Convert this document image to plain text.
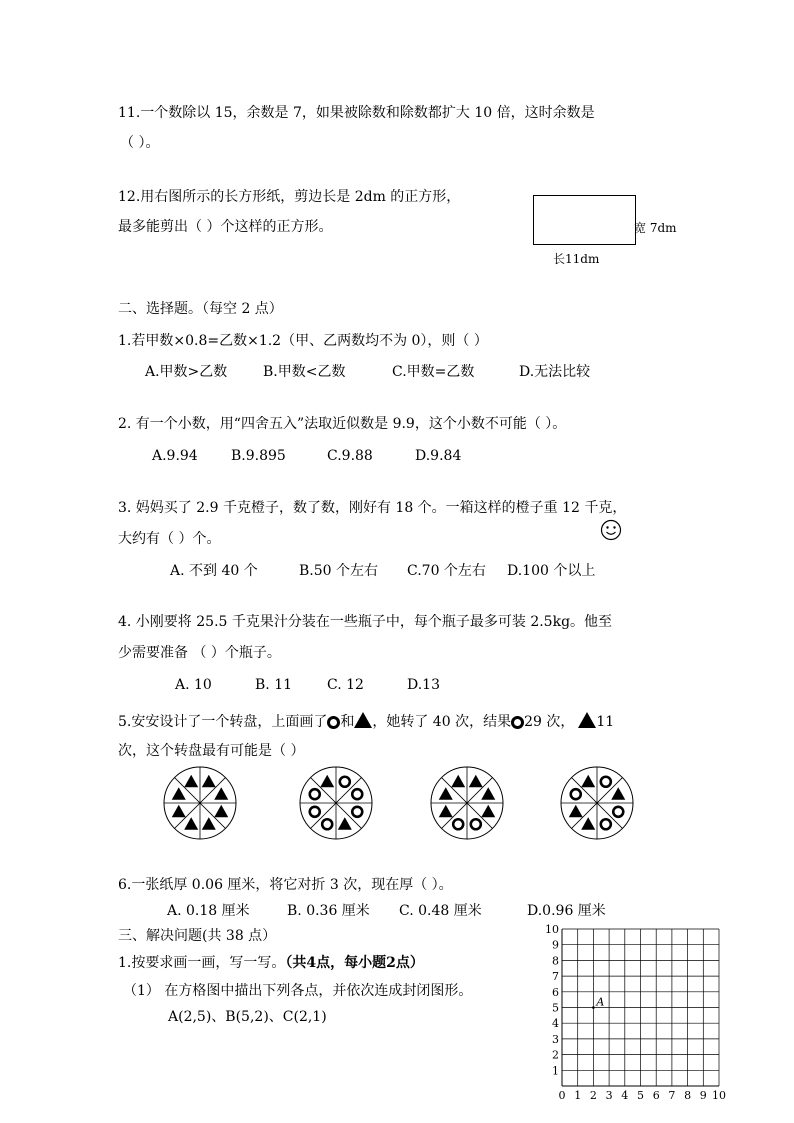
11.一个数除以 15，余数是 7，如果被除数和除数都扩大 10 倍，这时余数是
（ ）。
12.用右图所示的长方形纸，剪边长是 2dm 的正方形，
最多能剪出（ ）个这样的正方形。	宽 7dm
长11dm
二、选择题。（每空 2 点）
1.若甲数×0.8=乙数×1.2（甲、乙两数均不为 0），则（ ）
A.甲数>乙数	B.甲数<乙数	C.甲数=乙数	D.无法比较
2. 有一个小数，用“四舍五入”法取近似数是 9.9，这个小数不可能（ ）。
A.9.94 B.9.895	C.9.88	D.9.84
3. 妈妈买了 2.9 千克橙子，数了数，刚好有 18 个。一箱这样的橙子重 12 千克，
大约有（ ）个。
A. 不到 40 个	B.50 个左右 C.70 个左右 D.100 个以上
4. 小刚要将 25.5 千克果汁分装在一些瓶子中，每个瓶子最多可装 2.5kg。他至
少需要准备 （ ）个瓶子。
A. 10	B. 11 C. 12	D.13
5.安安设计了一个转盘，上面画了 和 ，她转了 40 次，结果 29 次， 11
次，这个转盘最有可能是（ ）
6.一张纸厚 0.06 厘米，将它对折 3 次，现在厚（ ）。
A. 0.18 厘米	B. 0.36 厘米 C. 0.48 厘米	D.0.96 厘米
三、解决问题(共 38 点）
1.按要求画一画，写一写。（共4点，每小题2点）
（1） 在方格图中描出下列各点，并依次连成封闭图形。
A(2,5)、B(5,2)、C(2,1)
0 1 2 3 4 5 6 7 8 9 10
1
2
3
4
5
6
7
8
9
10
A
